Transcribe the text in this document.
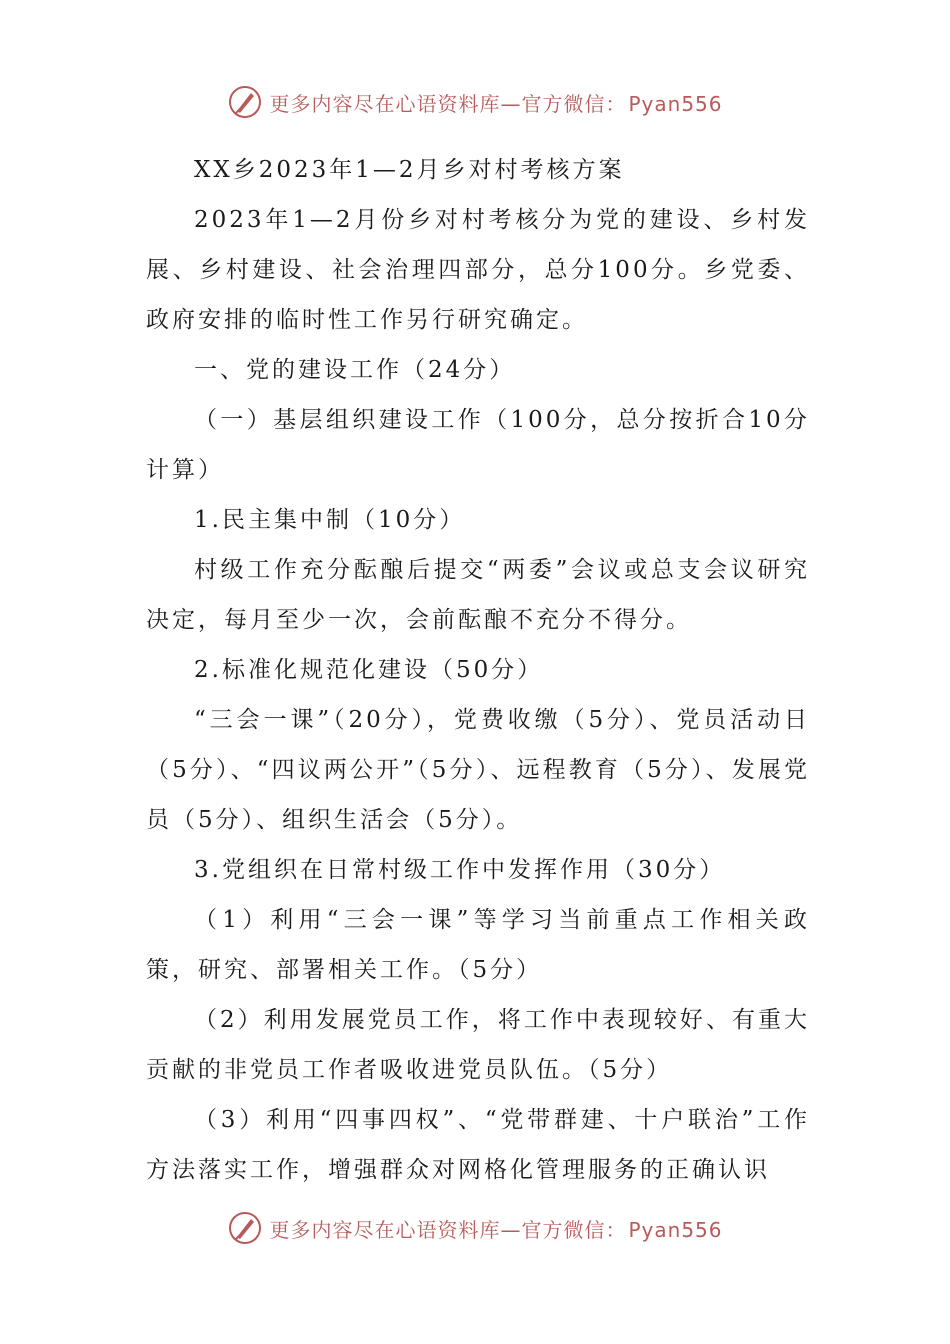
更多内容尽在心语资料库—官方微信： Pyan556

XX乡2023年1—2月乡对村考核方案

2023年1—2月份乡对村考核分为党的建设、乡村发展、乡村建设、社会治理四部分，总分100分。乡党委、政府安排的临时性工作另行研究确定。

一、党的建设工作（24分）

（一）基层组织建设工作（100分，总分按折合10分计算）

1.民主集中制（10分）

村级工作充分酝酿后提交“两委”会议或总支会议研究决定，每月至少一次，会前酝酿不充分不得分。

2.标准化规范化建设（50分）

“三会一课”（20分），党费收缴（5分）、党员活动日（5分）、“四议两公开”（5分）、远程教育（5分）、发展党员（5分）、组织生活会（5分）。

3.党组织在日常村级工作中发挥作用（30分）

（1）利用“三会一课”等学习当前重点工作相关政策，研究、部署相关工作。（5分）

（2）利用发展党员工作，将工作中表现较好、有重大贡献的非党员工作者吸收进党员队伍。（5分）

（3）利用“四事四权”、“党带群建、十户联治”工作方法落实工作，增强群众对网格化管理服务的正确认识

更多内容尽在心语资料库—官方微信： Pyan556
